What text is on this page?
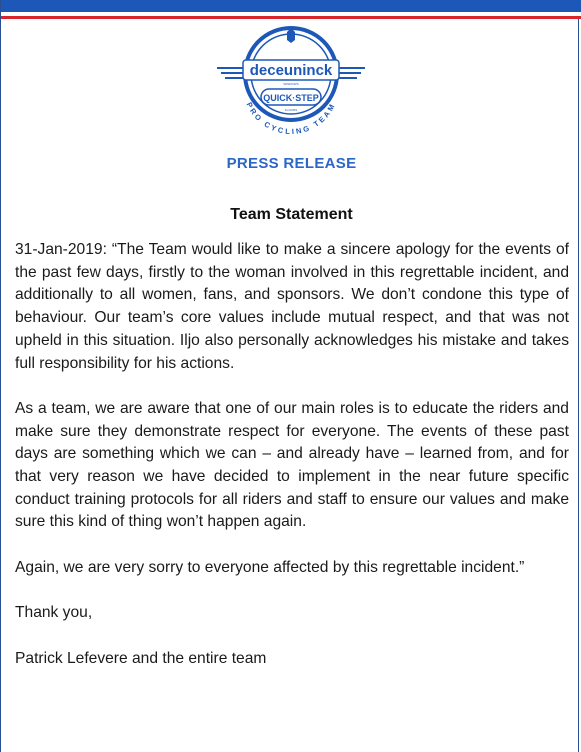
deceuninck
WINDOWS
QUICK·STEP
FLOORS
PRO CYCLING TEAM
PRESS RELEASE
Team Statement

31-Jan-2019: “The Team would like to make a sincere apology for the events of the past few days, firstly to the woman involved in this regrettable incident, and additionally to all women, fans, and sponsors. We don’t condone this type of behaviour. Our team’s core values include mutual respect, and that was not upheld in this situation. Iljo also personally acknowledges his mistake and takes full responsibility for his actions.

As a team, we are aware that one of our main roles is to educate the riders and make sure they demonstrate respect for everyone. The events of these past days are something which we can – and already have – learned from, and for that very reason we have decided to implement in the near future specific conduct training protocols for all riders and staff to ensure our values and make sure this kind of thing won’t happen again.

Again, we are very sorry to everyone affected by this regrettable incident.”

Thank you,

Patrick Lefevere and the entire team
